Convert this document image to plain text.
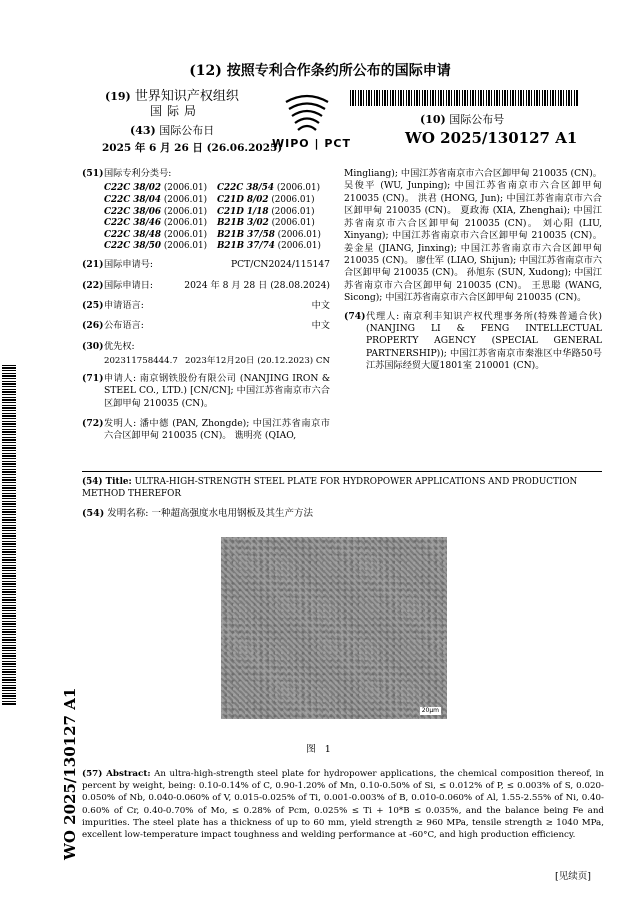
(12) 按照专利合作条约所公布的国际申请
(19) 世界知识产权组织
国际局
(43) 国际公布日
2025 年 6 月 26 日 (26.06.2025)
WIPO | PCT
(10) 国际公布号
WO 2025/130127 A1
WO 2025/130127 A1
(51) 国际专利分类号:
C22C 38/02 (2006.01)	C22C 38/54 (2006.01)
C22C 38/04 (2006.01)	C21D 8/02 (2006.01)
C22C 38/06 (2006.01)	C21D 1/18 (2006.01)
C22C 38/46 (2006.01)	B21B 3/02 (2006.01)
C22C 38/48 (2006.01)	B21B 37/58 (2006.01)
C22C 38/50 (2006.01)	B21B 37/74 (2006.01)
(21) 国际申请号:	PCT/CN2024/115147
(22) 国际申请日:	2024 年 8 月 28 日 (28.08.2024)
(25) 申请语言:	中文
(26) 公布语言:	中文
(30) 优先权:
202311758444.7 2023年12月20日 (20.12.2023) CN
(71) 申请人: 南京钢铁股份有限公司 (NANJING IRON & STEEL CO., LTD.) [CN/CN]; 中国江苏省南京市六合区卸甲甸 210035 (CN)。
(72) 发明人: 潘中德 (PAN, Zhongde); 中国江苏省南京市六合区卸甲甸 210035 (CN)。 谯明亮 (QIAO,
Mingliang); 中国江苏省南京市六合区卸甲甸 210035 (CN)。 吴俊平 (WU, Junping); 中国江苏省南京市六合区卸甲甸 210035 (CN)。 洪君 (HONG, Jun); 中国江苏省南京市六合区卸甲甸 210035 (CN)。 夏政海 (XIA, Zhenghai); 中国江苏省南京市六合区卸甲甸 210035 (CN)。 刘心阳 (LIU, Xinyang); 中国江苏省南京市六合区卸甲甸 210035 (CN)。 姜金星 (JIANG, Jinxing); 中国江苏省南京市六合区卸甲甸 210035 (CN)。 廖仕军 (LIAO, Shijun); 中国江苏省南京市六合区卸甲甸 210035 (CN)。 孙旭东 (SUN, Xudong); 中国江苏省南京市六合区卸甲甸 210035 (CN)。 王思聪 (WANG, Sicong); 中国江苏省南京市六合区卸甲甸 210035 (CN)。
(74) 代理人: 南京利丰知识产权代理事务所(特殊普通合伙) (NANJING LI & FENG INTELLECTUAL PROPERTY AGENCY (SPECIAL GENERAL PARTNERSHIP)); 中国江苏省南京市秦淮区中华路50号江苏国际经贸大厦1801室 210001 (CN)。
(54) Title: ULTRA-HIGH-STRENGTH STEEL PLATE FOR HYDROPOWER APPLICATIONS AND PRODUCTION METHOD THEREFOR
(54) 发明名称: 一种超高强度水电用钢板及其生产方法
20μm
图 1
(57) Abstract: An ultra-high-strength steel plate for hydropower applications, the chemical composition thereof, in percent by weight, being: 0.10-0.14% of C, 0.90-1.20% of Mn, 0.10-0.50% of Si, ≤ 0.012% of P, ≤ 0.003% of S, 0.020-0.050% of Nb, 0.040-0.060% of V, 0.015-0.025% of Ti, 0.001-0.003% of B, 0.010-0.060% of Al, 1.55-2.55% of Ni, 0.40-0.60% of Cr, 0.40-0.70% of Mo, ≤ 0.28% of Pcm, 0.025% ≤ Ti + 10*B ≤ 0.035%, and the balance being Fe and impurities. The steel plate has a thickness of up to 60 mm, yield strength ≥ 960 MPa, tensile strength ≥ 1040 MPa, excellent low-temperature impact toughness and welding performance at -60°C, and high production efficiency.
[见续页]
